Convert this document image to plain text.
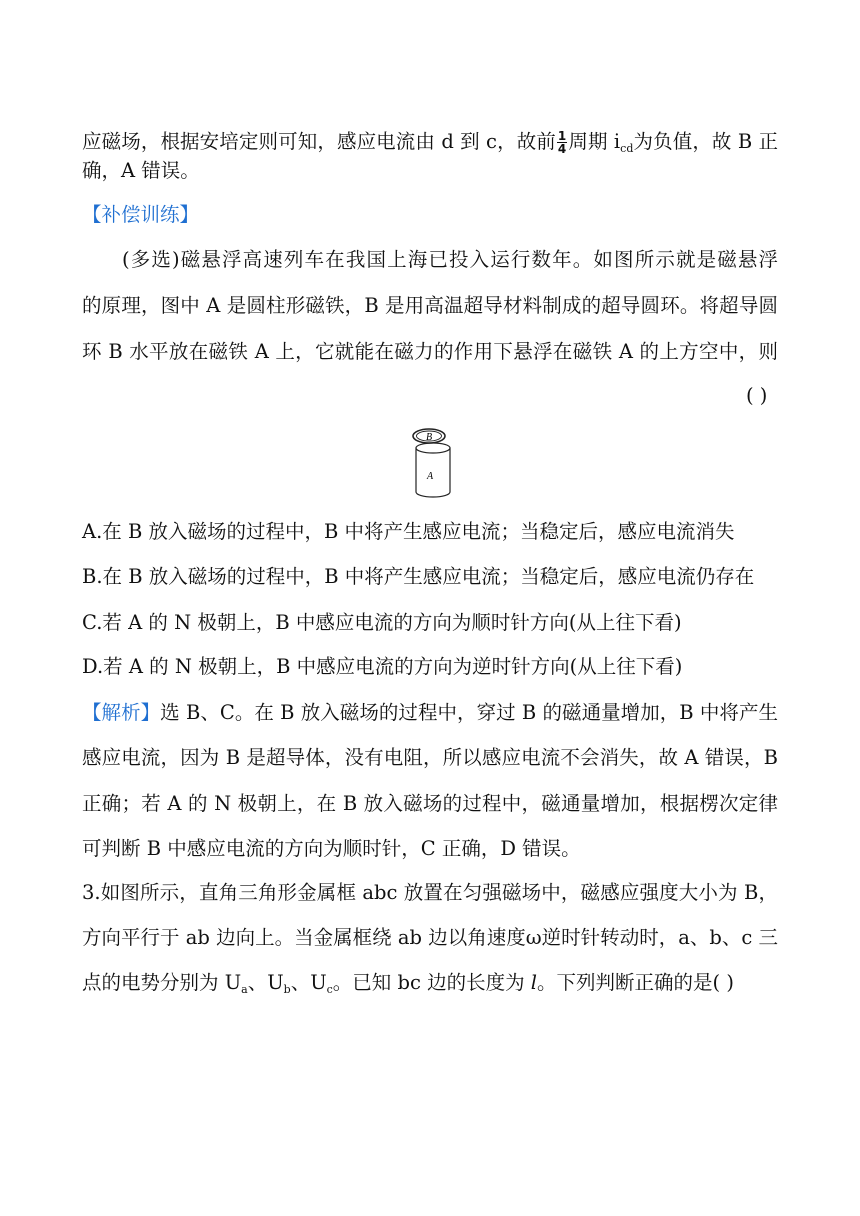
应磁场，根据安培定则可知，感应电流由 d 到 c，故前 $\frac{1}{4}$ 周期 $i_{cd}$为负值，故 B 正

确，A 错误。

【补偿训练】

(多选)磁悬浮高速列车在我国上海已投入运行数年。如图所示就是磁悬浮

的原理，图中 A 是圆柱形磁铁，B 是用高温超导材料制成的超导圆环。将超导圆

环 B 水平放在磁铁 A 上，它就能在磁力的作用下悬浮在磁铁 A 的上方空中，则

( )
B
A

A.在 B 放入磁场的过程中，B 中将产生感应电流；当稳定后，感应电流消失

B.在 B 放入磁场的过程中，B 中将产生感应电流；当稳定后，感应电流仍存在

C.若 A 的 N 极朝上，B 中感应电流的方向为顺时针方向(从上往下看)

D.若 A 的 N 极朝上，B 中感应电流的方向为逆时针方向(从上往下看)

【解析】选 B、C。在 B 放入磁场的过程中，穿过 B 的磁通量增加，B 中将产生

感应电流，因为 B 是超导体，没有电阻，所以感应电流不会消失，故 A 错误，B

正确；若 A 的 N 极朝上，在 B 放入磁场的过程中，磁通量增加，根据楞次定律

可判断 B 中感应电流的方向为顺时针，C 正确，D 错误。

3.如图所示，直角三角形金属框 abc 放置在匀强磁场中，磁感应强度大小为 B，

方向平行于 ab 边向上。当金属框绕 ab 边以角速度ω逆时针转动时，a、b、c 三

点的电势分别为 $U_a$、$U_b$、$U_c$。已知 bc 边的长度为 l。下列判断正确的是( )
